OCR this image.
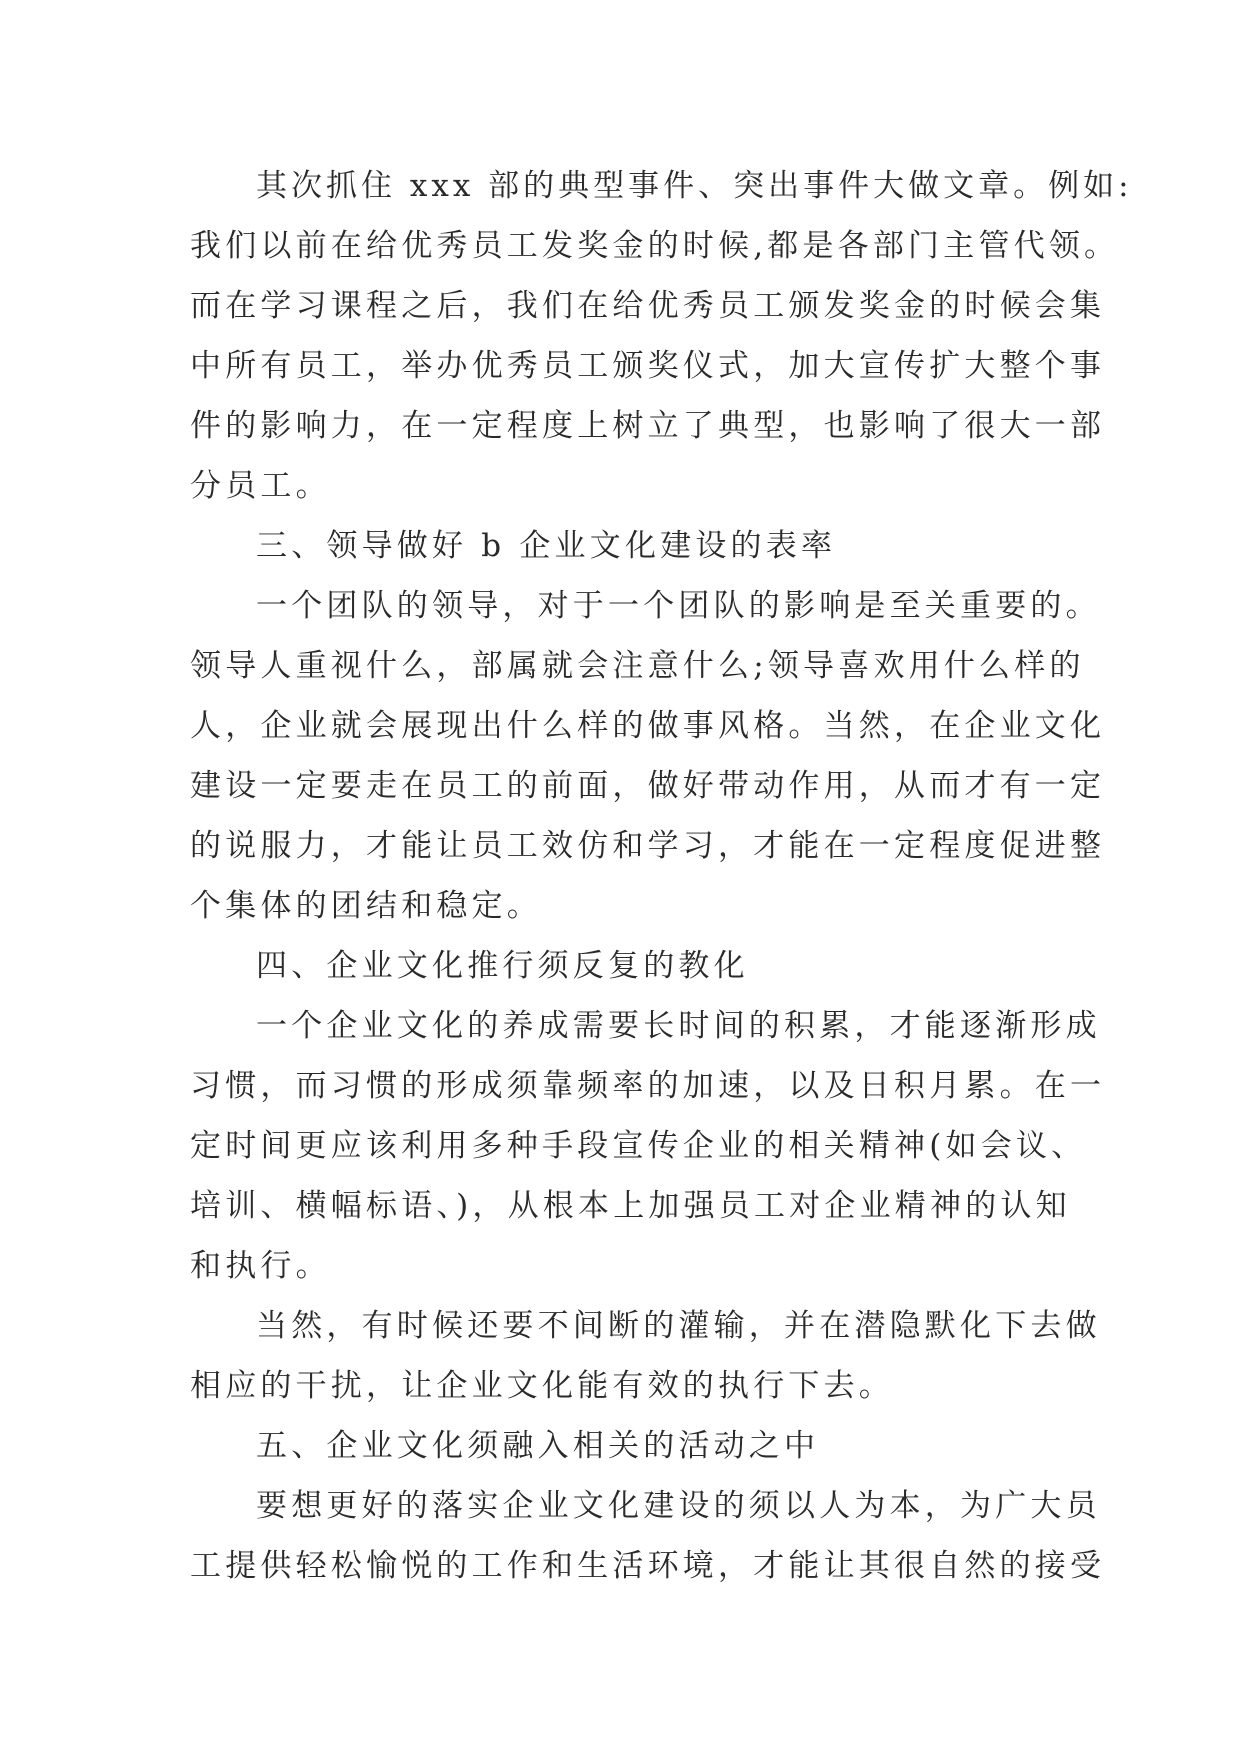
其次抓住 xxx 部的典型事件、突出事件大做文章。例如:
我们以前在给优秀员工发奖金的时候,都是各部门主管代领。
而在学习课程之后，我们在给优秀员工颁发奖金的时候会集
中所有员工，举办优秀员工颁奖仪式，加大宣传扩大整个事
件的影响力，在一定程度上树立了典型，也影响了很大一部
分员工。
三、领导做好 b 企业文化建设的表率
一个团队的领导，对于一个团队的影响是至关重要的。
领导人重视什么，部属就会注意什么;领导喜欢用什么样的
人，企业就会展现出什么样的做事风格。当然，在企业文化
建设一定要走在员工的前面，做好带动作用，从而才有一定
的说服力，才能让员工效仿和学习，才能在一定程度促进整
个集体的团结和稳定。
四、企业文化推行须反复的教化
一个企业文化的养成需要长时间的积累，才能逐渐形成
习惯，而习惯的形成须靠频率的加速，以及日积月累。在一
定时间更应该利用多种手段宣传企业的相关精神(如会议、
培训、横幅标语、)，从根本上加强员工对企业精神的认知
和执行。
当然，有时候还要不间断的灌输，并在潜隐默化下去做
相应的干扰，让企业文化能有效的执行下去。
五、企业文化须融入相关的活动之中
要想更好的落实企业文化建设的须以人为本，为广大员
工提供轻松愉悦的工作和生活环境，才能让其很自然的接受
